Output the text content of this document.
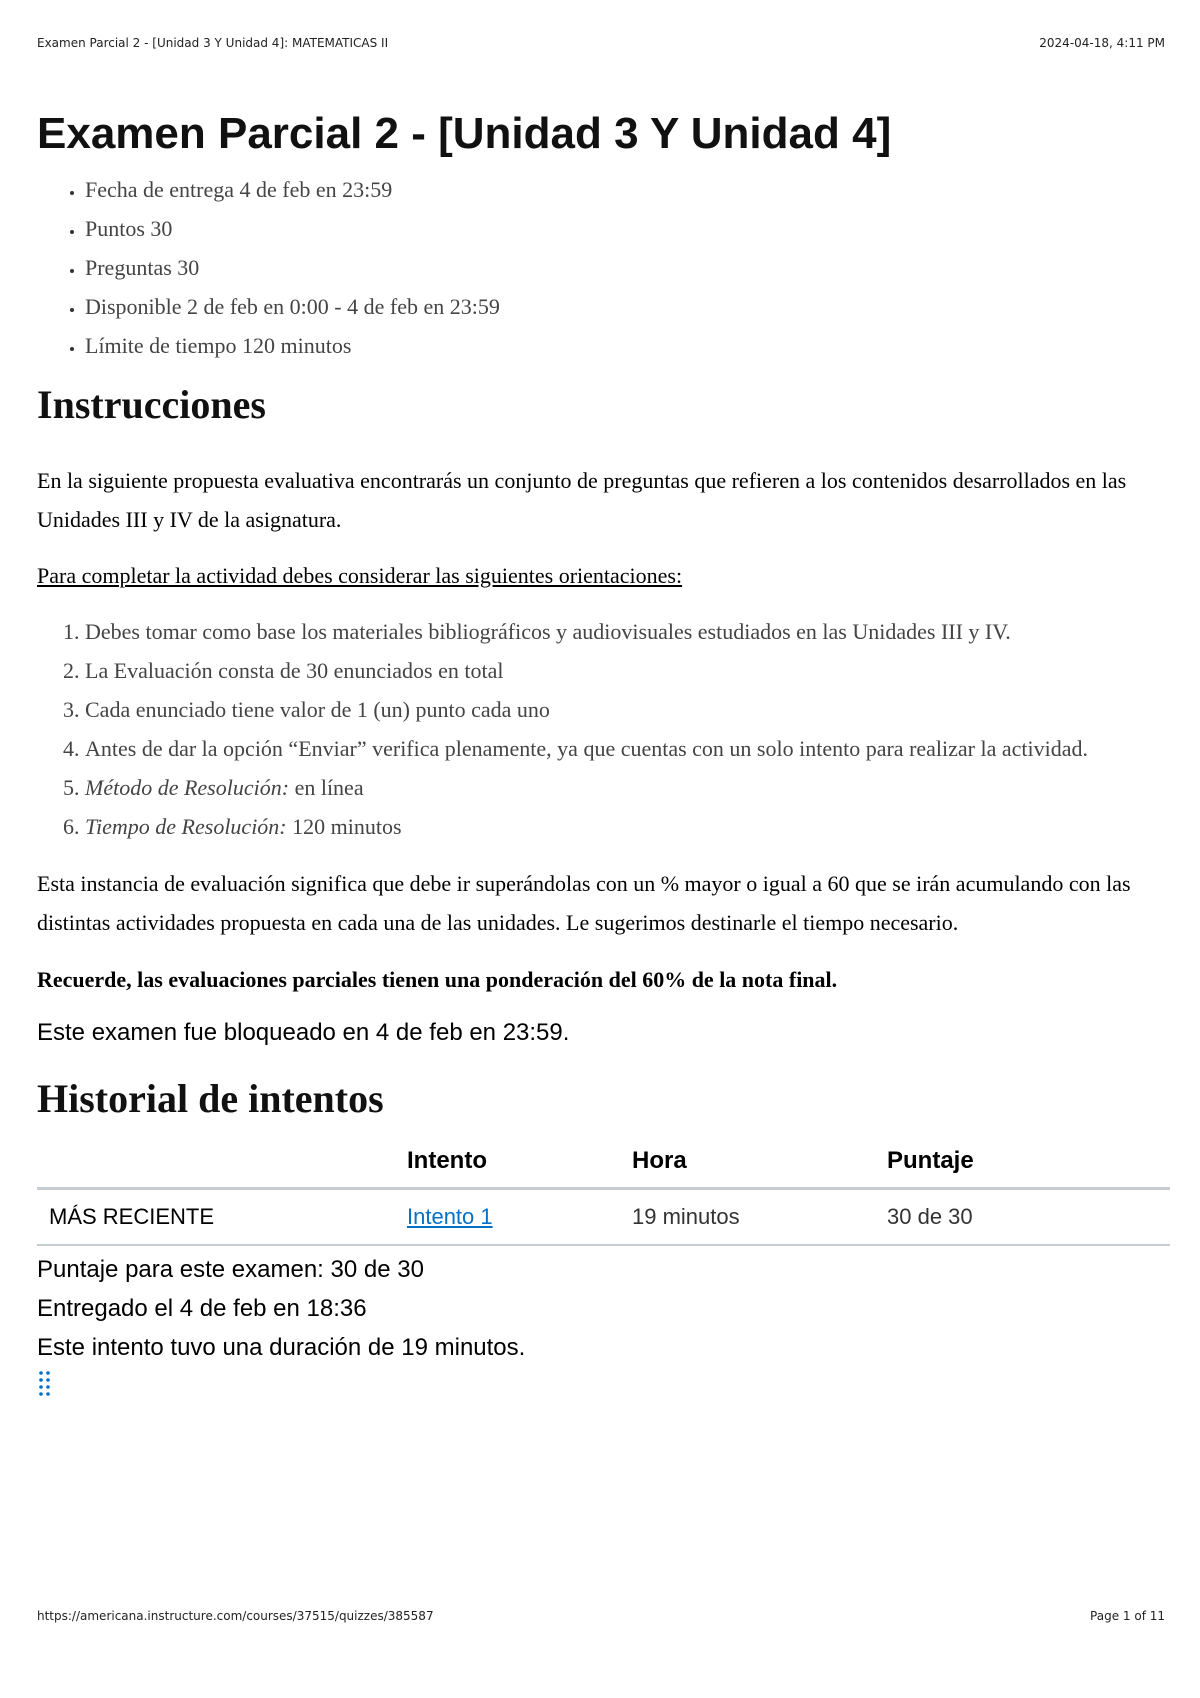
Examen Parcial 2 - [Unidad 3 Y Unidad 4]: MATEMATICAS II	2024-04-18, 4:11 PM
Examen Parcial 2 - [Unidad 3 Y Unidad 4]
• Fecha de entrega 4 de feb en 23:59
• Puntos 30
• Preguntas 30
• Disponible 2 de feb en 0:00 - 4 de feb en 23:59
• Límite de tiempo 120 minutos
Instrucciones

En la siguiente propuesta evaluativa encontrarás un conjunto de preguntas que refieren a los contenidos desarrollados en las Unidades III y IV de la asignatura.

Para completar la actividad debes considerar las siguientes orientaciones:

1. Debes tomar como base los materiales bibliográficos y audiovisuales estudiados en las Unidades III y IV.
2. La Evaluación consta de 30 enunciados en total
3. Cada enunciado tiene valor de 1 (un) punto cada uno
4. Antes de dar la opción “Enviar” verifica plenamente, ya que cuentas con un solo intento para realizar la actividad.
5. Método de Resolución: en línea
6. Tiempo de Resolución: 120 minutos

Esta instancia de evaluación significa que debe ir superándolas con un % mayor o igual a 60 que se irán acumulando con las distintas actividades propuesta en cada una de las unidades. Le sugerimos destinarle el tiempo necesario.

Recuerde, las evaluaciones parciales tienen una ponderación del 60% de la nota final.

Este examen fue bloqueado en 4 de feb en 23:59.

Historial de intentos
	Intento	Hora	Puntaje
MÁS RECIENTE	Intento 1	19 minutos	30 de 30
Puntaje para este examen: 30 de 30
Entregado el 4 de feb en 18:36
Este intento tuvo una duración de 19 minutos.
https://americana.instructure.com/courses/37515/quizzes/385587	Page 1 of 11
